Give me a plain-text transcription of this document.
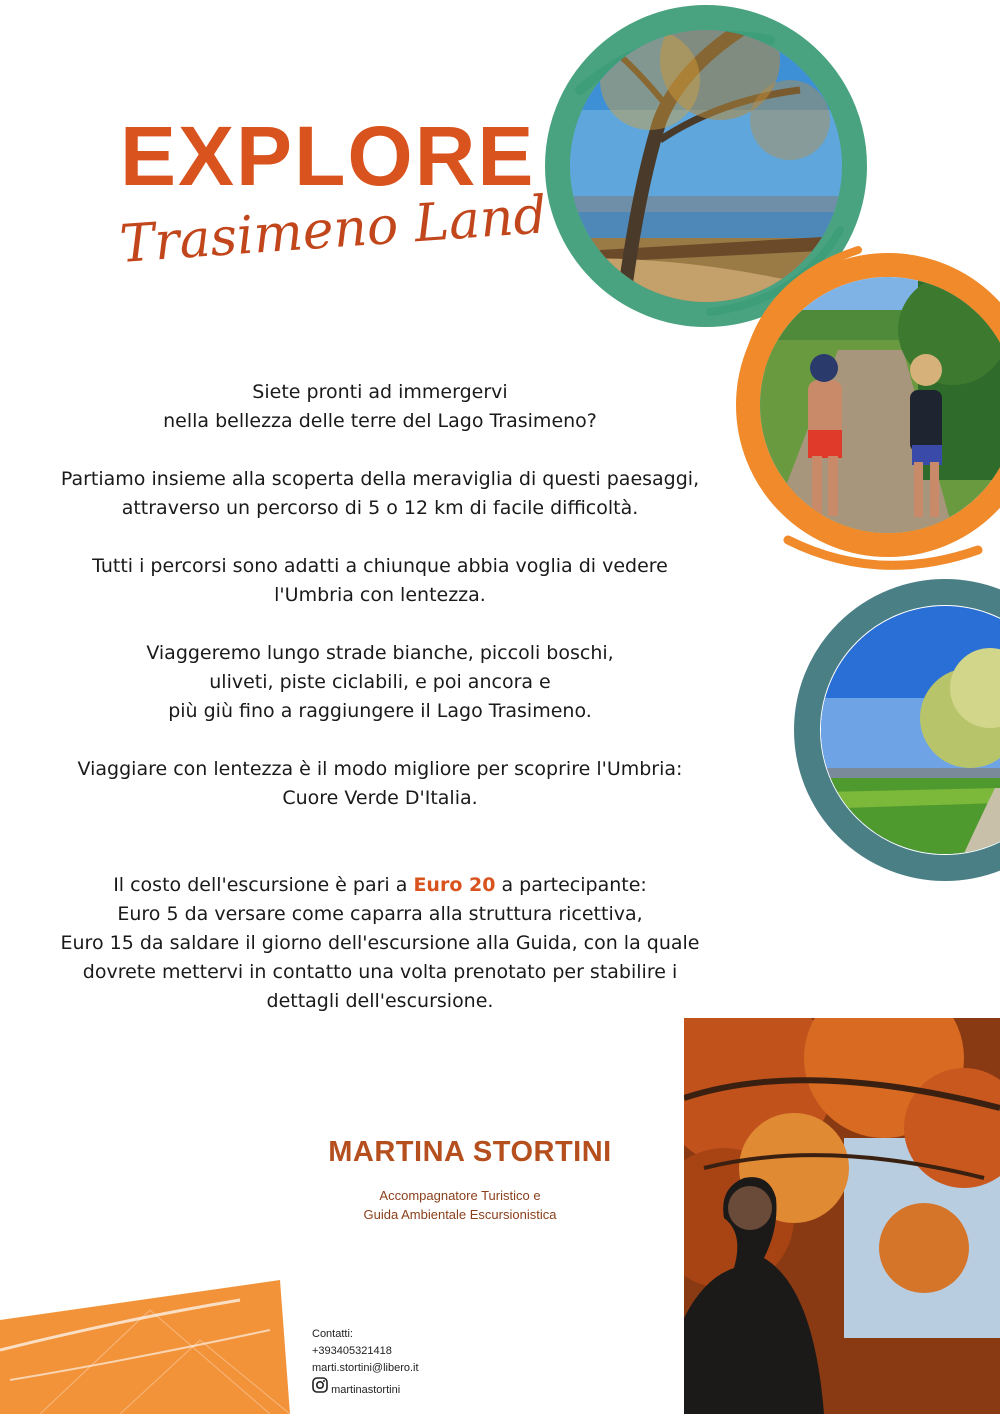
EXPLORE
Trasimeno Land

Siete pronti ad immergervi
nella bellezza delle terre del Lago Trasimeno?

Partiamo insieme alla scoperta della meraviglia di questi paesaggi,
attraverso un percorso di 5 o 12 km di facile difficoltà.

Tutti i percorsi sono adatti a chiunque abbia voglia di vedere
l'Umbria con lentezza.

Viaggeremo lungo strade bianche, piccoli boschi,
uliveti, piste ciclabili, e poi ancora e
più giù fino a raggiungere il Lago Trasimeno.

Viaggiare con lentezza è il modo migliore per scoprire l'Umbria:
Cuore Verde D'Italia.

Il costo dell'escursione è pari a Euro 20 a partecipante:
Euro 5 da versare come caparra alla struttura ricettiva,
Euro 15 da saldare il giorno dell'escursione alla Guida, con la quale
dovrete mettervi in contatto una volta prenotato per stabilire i
dettagli dell'escursione.

MARTINA STORTINI
Accompagnatore Turistico e
Guida Ambientale Escursionistica
Contatti:
+393405321418
marti.stortini@libero.it
martinastortini
